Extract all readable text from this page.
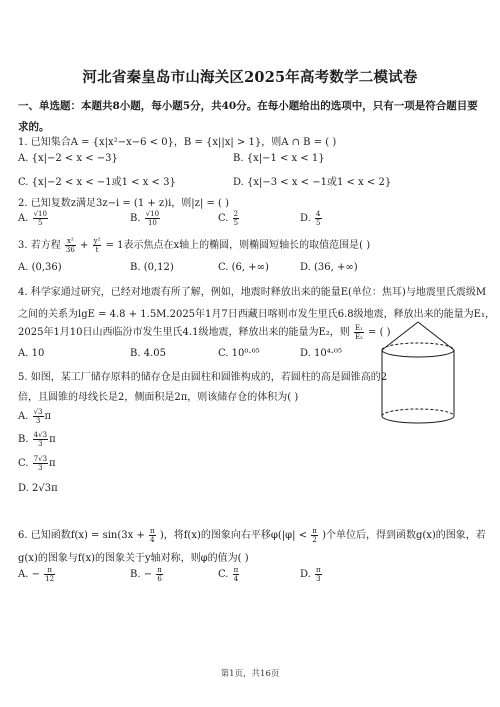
河北省秦皇岛市山海关区2025年高考数学二模试卷
一、单选题：本题共8小题，每小题5分，共40分。在每小题给出的选项中，只有一项是符合题目要求的。
1. 已知集合A = {x|x²−x−6 < 0}，B = {x||x| > 1}，则A ∩ B = ( )
A. {x|−2 < x < −3}	B. {x|−1 < x < 1}
C. {x|−2 < x < −1或1 < x < 3}	D. {x|−3 < x < −1或1 < x < 2}
2. 已知复数z满足3z−i = (1 + z)i，则|z| = ( )
A. $\frac{√10}{5}$	B. $\frac{√10}{10}$	C. $\frac{2}{5}$	D. $\frac{4}{5}$
3. 若方程 $\frac{\text{x²}}{36} + \frac{\text{y²}}{t} = 1$表示焦点在x轴上的椭圆，则椭圆短轴长的取值范围是( )
A. (0,36)	B. (0,12)	C. (6, +∞)	D. (36, +∞)
4. 科学家通过研究，已经对地震有所了解，例如，地震时释放出来的能量E(单位：焦耳)与地震里氏震级M
之间的关系为lgE = 4.8 + 1.5M.2025年1月7日西藏日喀则市发生里氏6.8级地震，释放出来的能量为E₁，
2025年1月10日山西临汾市发生里氏4.1级地震，释放出来的能量为E₂，则 $\frac{\text{E₁}}{\text{E₂}}$ = ( )
A. 10	B. 4.05	C. 10⁰·⁰⁵	D. 10⁴·⁰⁵
5. 如图，某工厂储存原料的储存仓是由圆柱和圆锥构成的，若圆柱的高是圆锥高的2
倍，且圆锥的母线长是2，侧面积是2π，则该储存仓的体积为( )
A. $\frac{√3}{3}$ π
B. $\frac{4√3}{3}$ π
C. $\frac{7√3}{3}$ π
D. 2√3π
6. 已知函数$f(x) = \sin(3x + \frac{\pi}{4}$ )，将f(x)的图象向右平移$\varphi(|\varphi| < \frac{\pi}{2}$ )个单位后，得到函数g(x)的图象，若
g(x)的图象与f(x)的图象关于y轴对称，则φ的值为( )
A. − $\frac{\pi}{12}$	B. − $\frac{\pi}{6}$	C. $\frac{\pi}{4}$	D. $\frac{\pi}{3}$
第1页，共16页
